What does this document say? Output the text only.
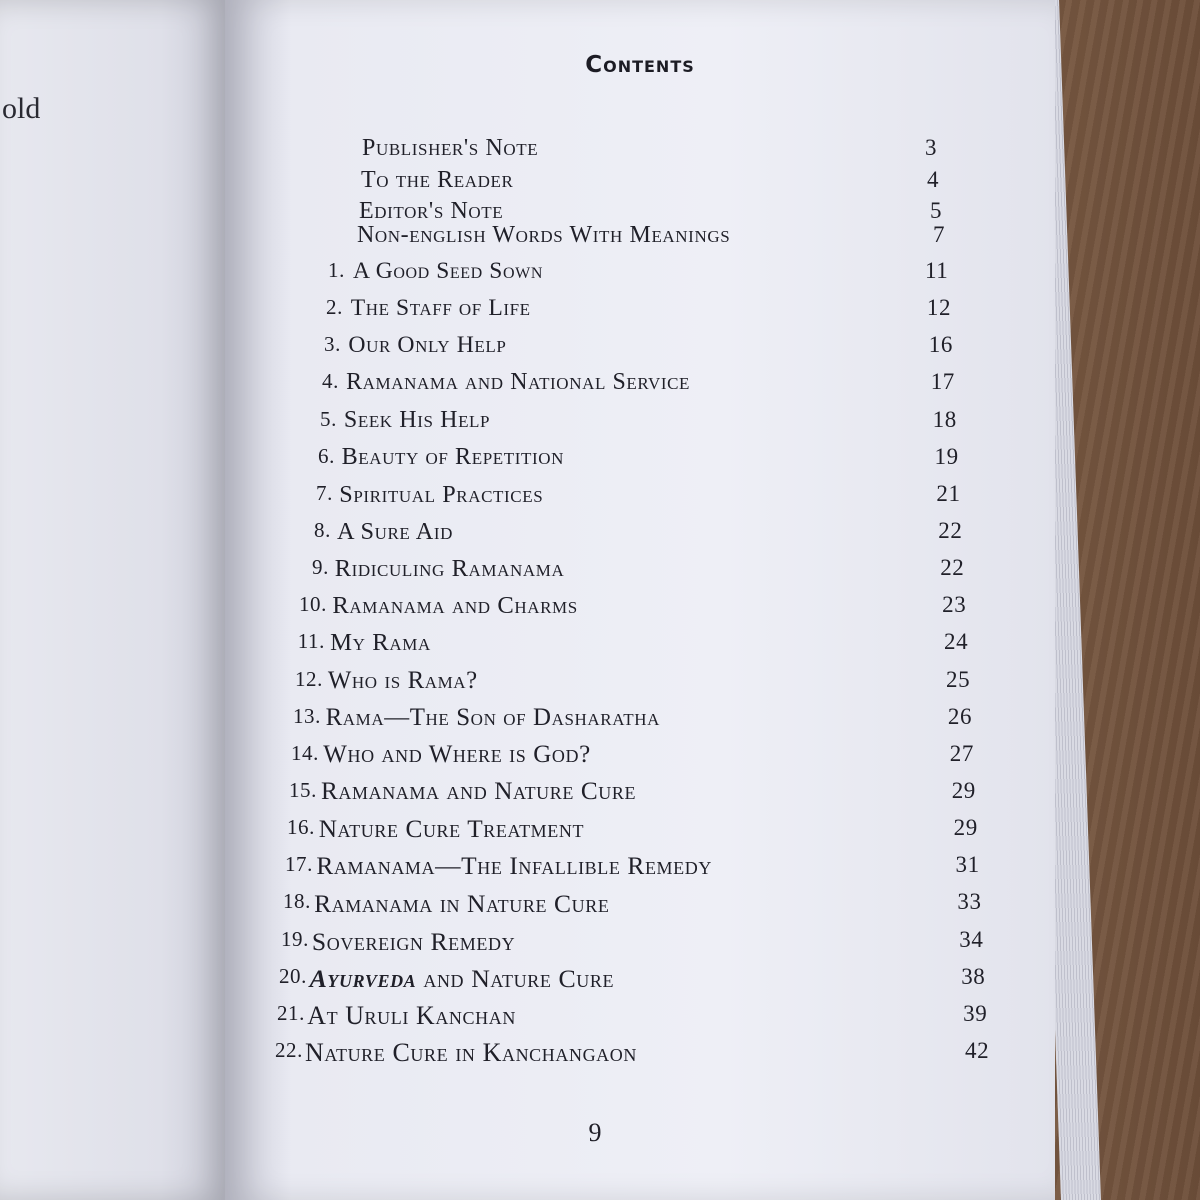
old

Contents
Publisher's Note	3
To the Reader	4
Editor's Note	5
Non-english Words With Meanings	7
1. A Good Seed Sown	11
2. The Staff of Life	12
3. Our Only Help	16
4. Ramanama and National Service	17
5. Seek His Help	18
6. Beauty of Repetition	19
7. Spiritual Practices	21
8. A Sure Aid	22
9. Ridiculing Ramanama	22
10. Ramanama and Charms	23
11. My Rama	24
12. Who is Rama?	25
13. Rama—The Son of Dasharatha	26
14. Who and Where is God?	27
15. Ramanama and Nature Cure	29
16. Nature Cure Treatment	29
17. Ramanama—The Infallible Remedy	31
18. Ramanama in Nature Cure	33
19. Sovereign Remedy	34
20. Ayurveda and Nature Cure	38
21. At Uruli Kanchan	39
22. Nature Cure in Kanchangaon	42
9
